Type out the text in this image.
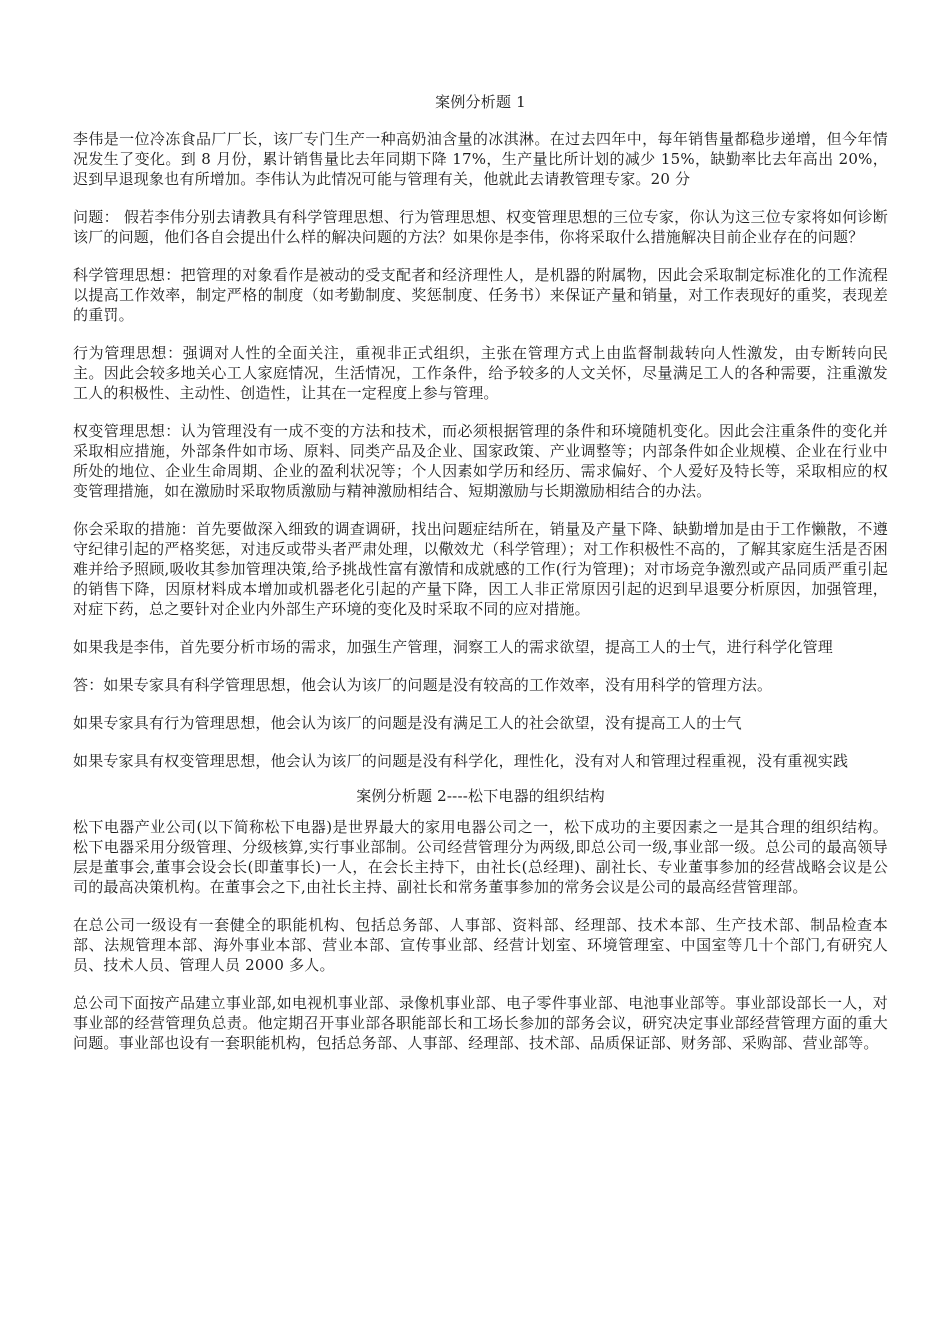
案例分析题 1

李伟是一位冷冻食品厂厂长，该厂专门生产一种高奶油含量的冰淇淋。在过去四年中，每年销售量都稳步递增，但今年情况发生了变化。到 8 月份，累计销售量比去年同期下降 17%，生产量比所计划的减少 15%，缺勤率比去年高出 20%，迟到早退现象也有所增加。李伟认为此情况可能与管理有关，他就此去请教管理专家。20 分

问题： 假若李伟分别去请教具有科学管理思想、行为管理思想、权变管理思想的三位专家，你认为这三位专家将如何诊断该厂的问题，他们各自会提出什么样的解决问题的方法？如果你是李伟，你将采取什么措施解决目前企业存在的问题？

科学管理思想：把管理的对象看作是被动的受支配者和经济理性人，是机器的附属物，因此会采取制定标准化的工作流程以提高工作效率，制定严格的制度（如考勤制度、奖惩制度、任务书）来保证产量和销量，对工作表现好的重奖，表现差的重罚。

行为管理思想：强调对人性的全面关注，重视非正式组织，主张在管理方式上由监督制裁转向人性激发，由专断转向民主。因此会较多地关心工人家庭情况，生活情况，工作条件，给予较多的人文关怀，尽量满足工人的各种需要，注重激发工人的积极性、主动性、创造性，让其在一定程度上参与管理。

权变管理思想：认为管理没有一成不变的方法和技术，而必须根据管理的条件和环境随机变化。因此会注重条件的变化并采取相应措施，外部条件如市场、原料、同类产品及企业、国家政策、产业调整等；内部条件如企业规模、企业在行业中所处的地位、企业生命周期、企业的盈利状况等；个人因素如学历和经历、需求偏好、个人爱好及特长等，采取相应的权变管理措施，如在激励时采取物质激励与精神激励相结合、短期激励与长期激励相结合的办法。

你会采取的措施：首先要做深入细致的调查调研，找出问题症结所在，销量及产量下降、缺勤增加是由于工作懒散，不遵守纪律引起的严格奖惩，对违反或带头者严肃处理，以儆效尤（科学管理）；对工作积极性不高的，了解其家庭生活是否困难并给予照顾,吸收其参加管理决策,给予挑战性富有激情和成就感的工作(行为管理)；对市场竞争激烈或产品同质严重引起的销售下降，因原材料成本增加或机器老化引起的产量下降，因工人非正常原因引起的迟到早退要分析原因，加强管理，对症下药，总之要针对企业内外部生产环境的变化及时采取不同的应对措施。

如果我是李伟，首先要分析市场的需求，加强生产管理，洞察工人的需求欲望，提高工人的士气，进行科学化管理

答：如果专家具有科学管理思想，他会认为该厂的问题是没有较高的工作效率，没有用科学的管理方法。

如果专家具有行为管理思想，他会认为该厂的问题是没有满足工人的社会欲望，没有提高工人的士气

如果专家具有权变管理思想，他会认为该厂的问题是没有科学化，理性化，没有对人和管理过程重视，没有重视实践

案例分析题 2----松下电器的组织结构

松下电器产业公司(以下简称松下电器)是世界最大的家用电器公司之一，松下成功的主要因素之一是其合理的组织结构。松下电器采用分级管理、分级核算,实行事业部制。公司经营管理分为两级,即总公司一级,事业部一级。总公司的最高领导层是董事会,董事会设会长(即董事长)一人，在会长主持下，由社长(总经理)、副社长、专业董事参加的经营战略会议是公司的最高决策机构。在董事会之下,由社长主持、副社长和常务董事参加的常务会议是公司的最高经营管理部。

在总公司一级设有一套健全的职能机构、包括总务部、人事部、资料部、经理部、技术本部、生产技术部、制品检查本部、法规管理本部、海外事业本部、营业本部、宣传事业部、经营计划室、环境管理室、中国室等几十个部门,有研究人员、技术人员、管理人员 2000 多人。

总公司下面按产品建立事业部,如电视机事业部、录像机事业部、电子零件事业部、电池事业部等。事业部设部长一人，对事业部的经营管理负总责。他定期召开事业部各职能部长和工场长参加的部务会议，研究决定事业部经营管理方面的重大问题。事业部也设有一套职能机构，包括总务部、人事部、经理部、技术部、品质保证部、财务部、采购部、营业部等。
